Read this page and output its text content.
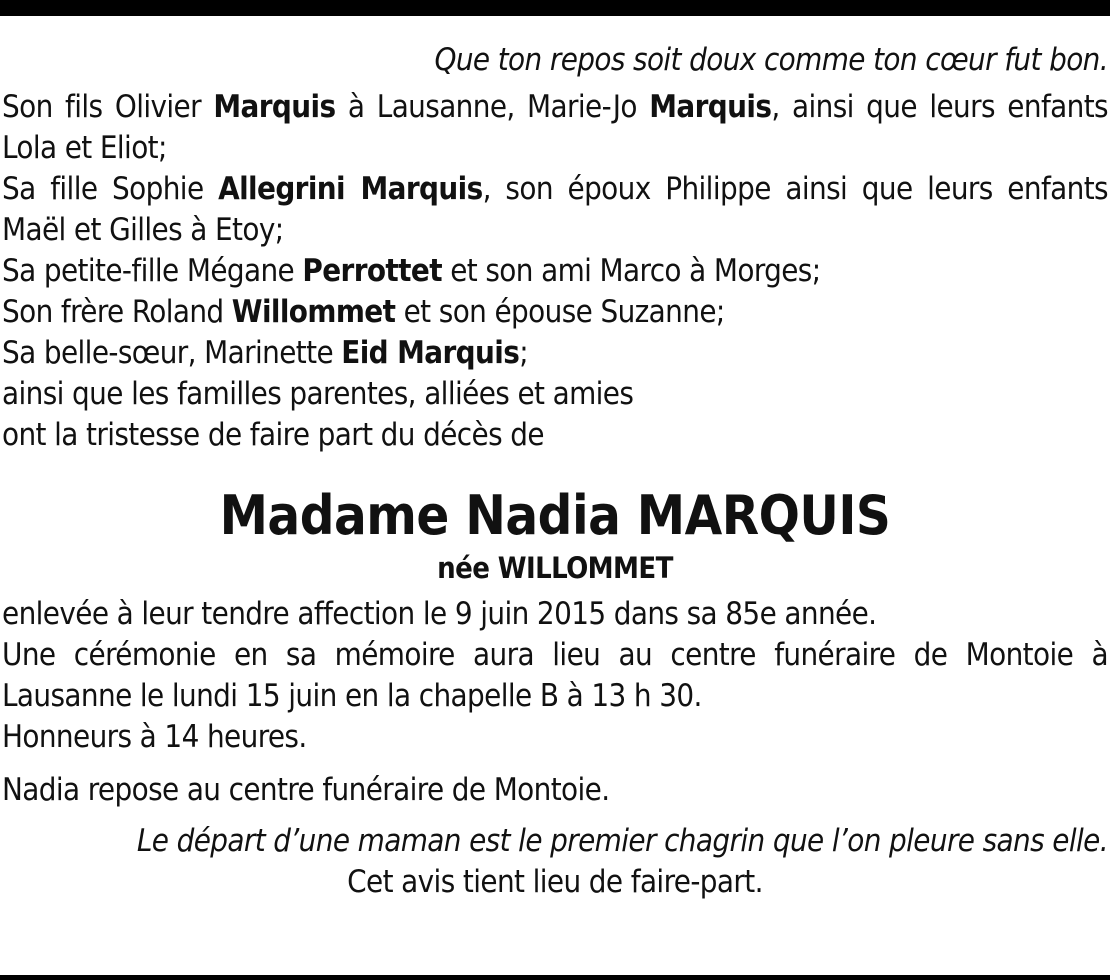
Que ton repos soit doux comme ton cœur fut bon.

Son fils Olivier Marquis à Lausanne, Marie-Jo Marquis, ainsi que leurs enfants Lola et Eliot;

Sa fille Sophie Allegrini Marquis, son époux Philippe ainsi que leurs enfants Maël et Gilles à Etoy;

Sa petite-fille Mégane Perrottet et son ami Marco à Morges;

Son frère Roland Willommet et son épouse Suzanne;

Sa belle-sœur, Marinette Eid Marquis;

ainsi que les familles parentes, alliées et amies

ont la tristesse de faire part du décès de

Madame Nadia MARQUIS

née WILLOMMET

enlevée à leur tendre affection le 9 juin 2015 dans sa 85e année.

Une cérémonie en sa mémoire aura lieu au centre funéraire de Montoie à Lausanne le lundi 15 juin en la chapelle B à 13 h 30.

Honneurs à 14 heures.

Nadia repose au centre funéraire de Montoie.

Le départ d’une maman est le premier chagrin que l’on pleure sans elle.

Cet avis tient lieu de faire-part.
